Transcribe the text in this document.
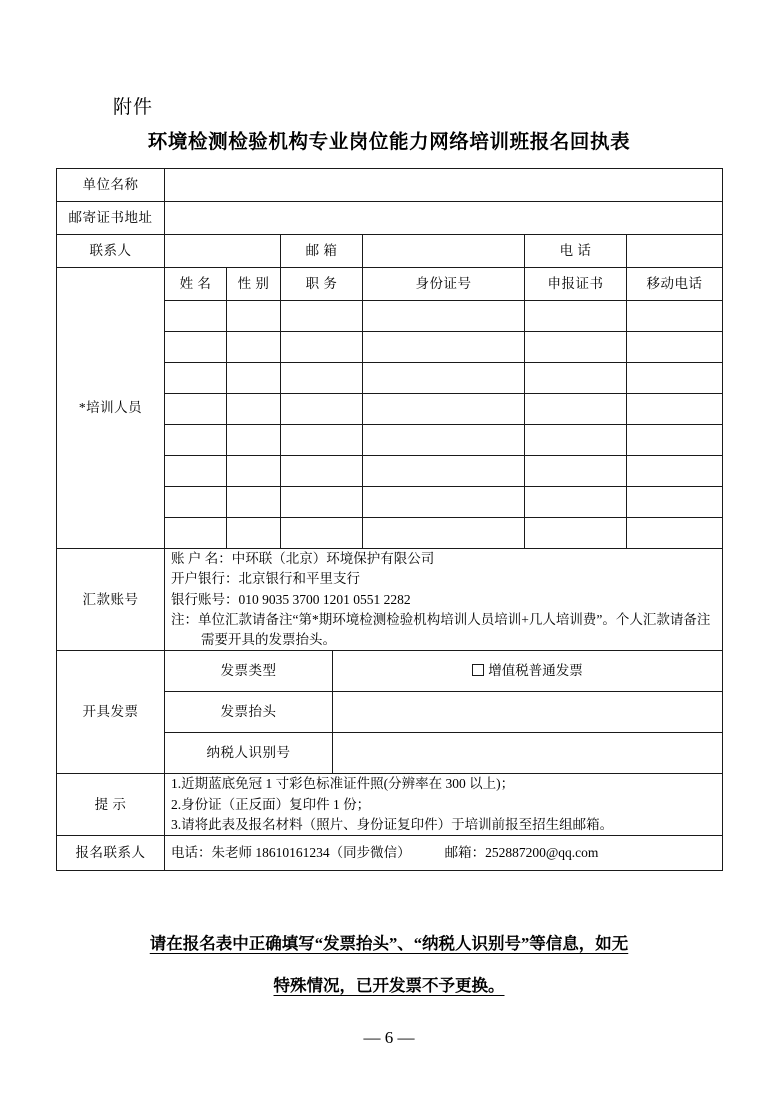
附件
环境检测检验机构专业岗位能力网络培训班报名回执表
单位名称							
邮寄证书地址							
联系人			邮 箱			电 话	
*培训人员	姓 名	性 别	职 务		身份证号	申报证书	移动电话

汇款账号	账 户 名：中环联（北京）环境保护有限公司
开户银行：北京银行和平里支行
银行账号：010 9035 3700 1201 0551 2282

注：单位汇款请备注“第*期环境检测检验机构培训人员培训+几人培训费”。个人汇款请备注需要开具的发票抬头。						

开具发票	发票类型			增值税普通发票			
	发票抬头						
	纳税人识别号						
提 示	1.近期蓝底免冠 1 寸彩色标准证件照(分辨率在 300 以上)；
2.身份证（正反面）复印件 1 份；
3.请将此表及报名材料（照片、身份证复印件）于培训前报至招生组邮箱。						
报名联系人	电话：朱老师 18610161234（同步微信） 邮箱：252887200@qq.com						
请在报名表中正确填写“发票抬头”、“纳税人识别号”等信息，如无
特殊情况，已开发票不予更换。
— 6 —
